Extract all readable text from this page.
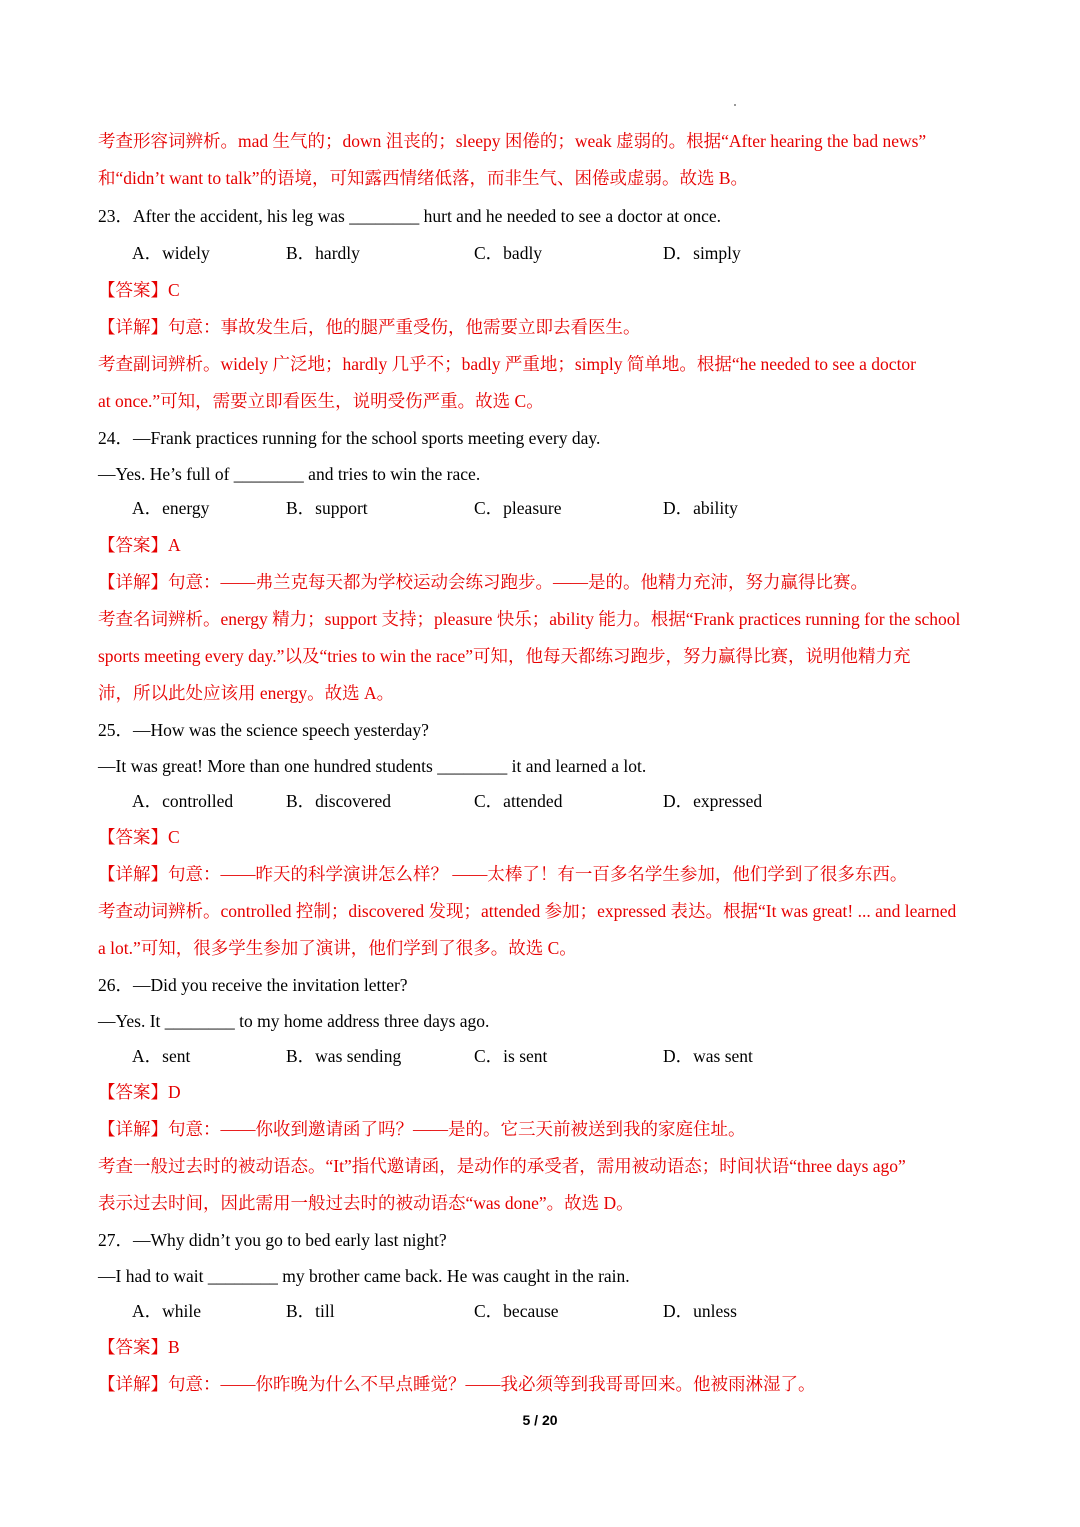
考查形容词辨析。mad 生气的；down 沮丧的；sleepy 困倦的；weak 虚弱的。根据“After hearing the bad news”
和“didn’t want to talk”的语境，可知露西情绪低落，而非生气、困倦或虚弱。故选 B。
23．After the accident, his leg was ________ hurt and he needed to see a doctor at once.
A．widely	B．hardly	C．badly	D．simply
【答案】C
【详解】句意：事故发生后，他的腿严重受伤，他需要立即去看医生。
考查副词辨析。widely 广泛地；hardly 几乎不；badly 严重地；simply 简单地。根据“he needed to see a doctor
at once.”可知，需要立即看医生，说明受伤严重。故选 C。
24．—Frank practices running for the school sports meeting every day.
—Yes. He’s full of ________ and tries to win the race.
A．energy	B．support	C．pleasure	D．ability
【答案】A
【详解】句意：——弗兰克每天都为学校运动会练习跑步。——是的。他精力充沛，努力赢得比赛。
考查名词辨析。energy 精力；support 支持；pleasure 快乐；ability 能力。根据“Frank practices running for the school
sports meeting every day.”以及“tries to win the race”可知，他每天都练习跑步，努力赢得比赛，说明他精力充
沛，所以此处应该用 energy。故选 A。
25．—How was the science speech yesterday?
—It was great! More than one hundred students ________ it and learned a lot.
A．controlled	B．discovered	C．attended	D．expressed
【答案】C
【详解】句意：——昨天的科学演讲怎么样？ ——太棒了！有一百多名学生参加，他们学到了很多东西。
考查动词辨析。controlled 控制；discovered 发现；attended 参加；expressed 表达。根据“It was great! ... and learned
a lot.”可知，很多学生参加了演讲，他们学到了很多。故选 C。
26．—Did you receive the invitation letter?
—Yes. It ________ to my home address three days ago.
A．sent	B．was sending	C．is sent	D．was sent
【答案】D
【详解】句意：——你收到邀请函了吗？——是的。它三天前被送到我的家庭住址。
考查一般过去时的被动语态。“It”指代邀请函，是动作的承受者，需用被动语态；时间状语“three days ago”
表示过去时间，因此需用一般过去时的被动语态“was done”。故选 D。
27．—Why didn’t you go to bed early last night?
—I had to wait ________ my brother came back. He was caught in the rain.
A．while	B．till	C．because	D．unless
【答案】B
【详解】句意：——你昨晚为什么不早点睡觉？——我必须等到我哥哥回来。他被雨淋湿了。
5 / 20
